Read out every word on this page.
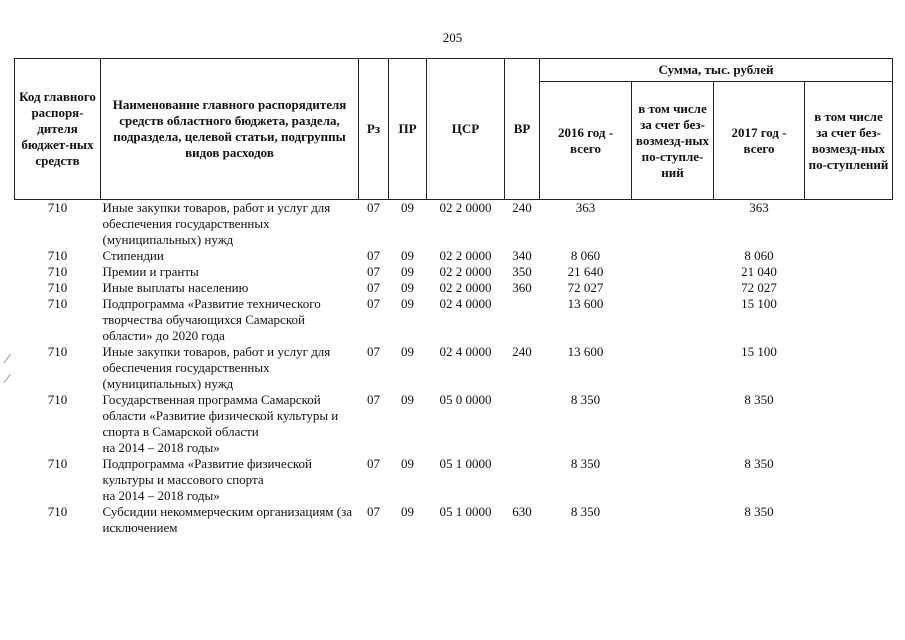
205
Код главного распоря-дителя бюджет-ных средств	Наименование главного распорядителя средств областного бюджета, раздела, подраздела, целевой статьи, подгруппы видов расходов	Рз	ПР	ЦСР	ВР	Сумма, тыс. рублей			
						2016 год - всего	в том числе за счет без-возмезд-ных по-ступле-ний	2017 год - всего	в том числе за счет без-возмезд-ных по-ступлений
710	Иные закупки товаров, работ и услуг для обеспечения государственных (муниципальных) нужд	07	09	02 2 0000	240	363		363	
710	Стипендии	07	09	02 2 0000	340	8 060		8 060	
710	Премии и гранты	07	09	02 2 0000	350	21 640		21 040	
710	Иные выплаты населению	07	09	02 2 0000	360	72 027		72 027	
710	Подпрограмма «Развитие технического творчества обучающихся Самарской области» до 2020 года	07	09	02 4 0000		13 600		15 100	
710	Иные закупки товаров, работ и услуг для обеспечения государственных (муниципальных) нужд	07	09	02 4 0000	240	13 600		15 100	
710	Государственная программа Самарской области «Развитие физической культуры и спорта в Самарской области
на 2014 – 2018 годы»	07	09	05 0 0000		8 350		8 350	
710	Подпрограмма «Развитие физической культуры и массового спорта
на 2014 – 2018 годы»	07	09	05 1 0000		8 350		8 350	
710	Субсидии некоммерческим организациям (за исключением	07	09	05 1 0000	630	8 350		8 350	
⁄
∕
